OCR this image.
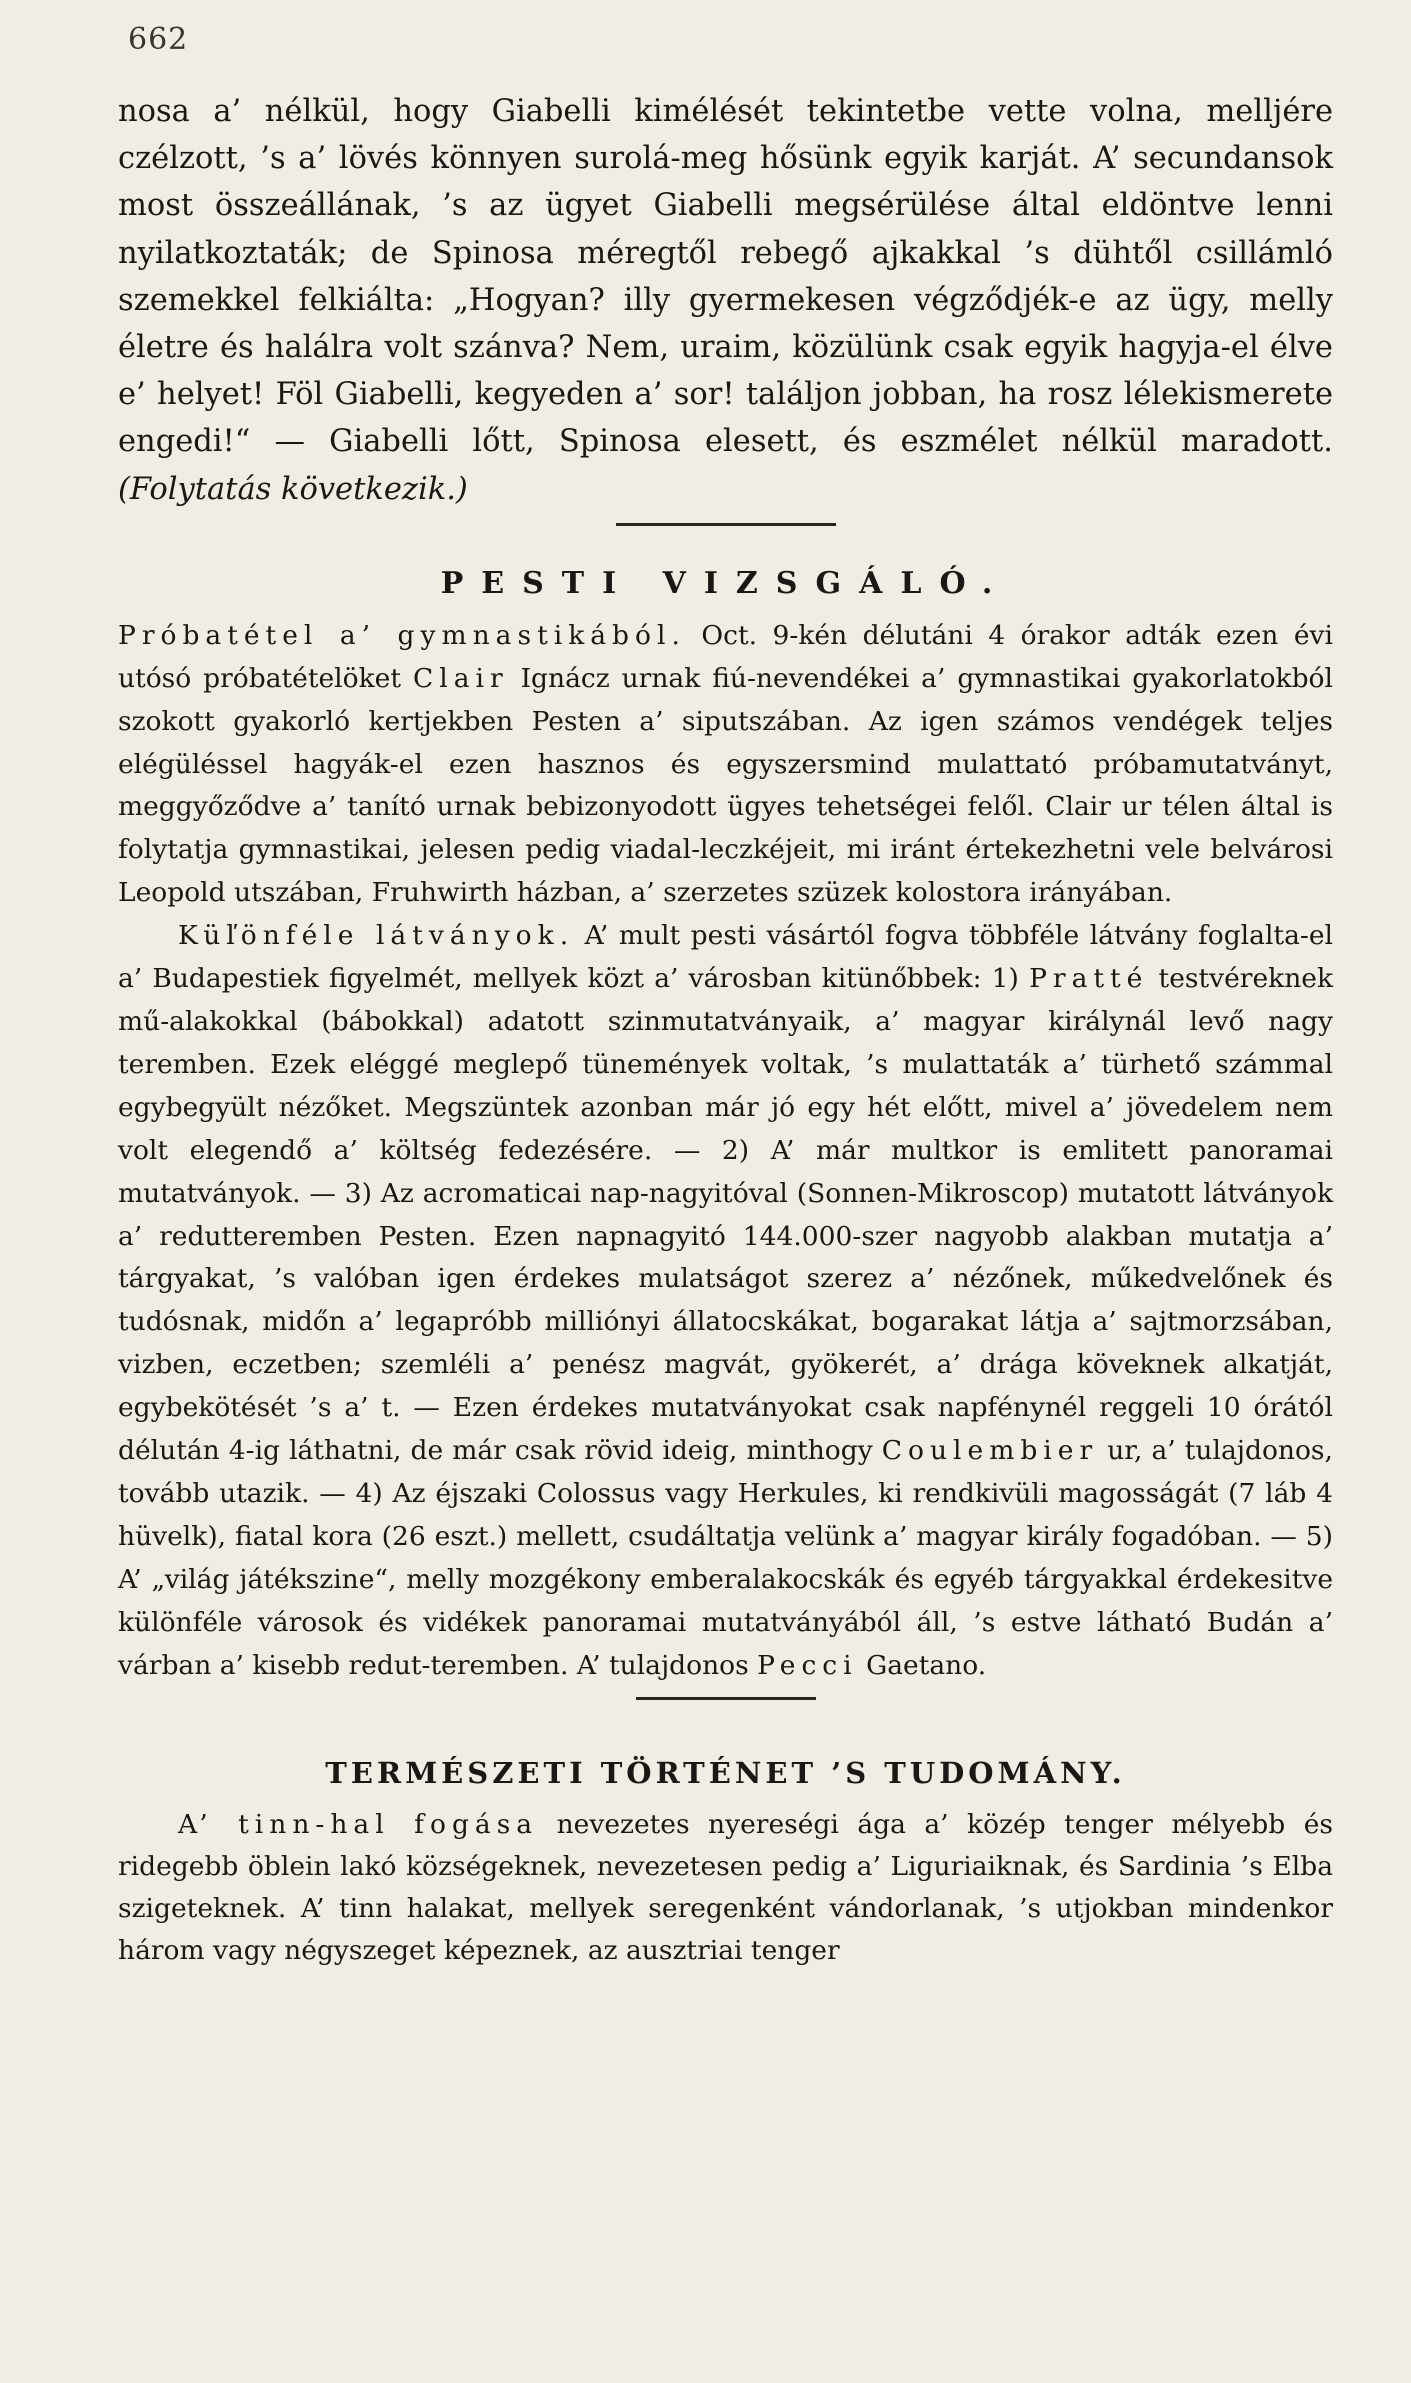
662

nosa a’ nélkül, hogy Giabelli kimélését tekintetbe vette volna, melljére czélzott, ’s a’ lövés könnyen surolá-meg hősünk egyik karját. A’ secundansok most összeállának, ’s az ügyet Giabelli megsérülése által eldöntve lenni nyilatkoztaták; de Spinosa méregtől rebegő ajkakkal ’s dühtől csillámló szemekkel felkiálta: „Hogyan? illy gyermekesen végződjék-e az ügy, melly életre és halálra volt szánva? Nem, uraim, közülünk csak egyik hagyja-el élve e’ helyet! Föl Giabelli, kegyeden a’ sor! találjon jobban, ha rosz lélekismerete engedi!“ — Giabelli lőtt, Spinosa elesett, és eszmélet nélkül maradott. (Folytatás következik.)

PESTI VIZSGÁLÓ.

Próbatétel a’ gymnastikából. Oct. 9-kén délutáni 4 órakor adták ezen évi utósó próbatételöket Clair Ignácz urnak fiú-nevendékei a’ gymnastikai gyakorlatokból szokott gyakorló kertjekben Pesten a’ siputszában. Az igen számos vendégek teljes elégüléssel hagyák-el ezen hasznos és egyszersmind mulattató próbamutatványt, meggyőződve a’ tanító urnak bebizonyodott ügyes tehetségei felől. Clair ur télen által is folytatja gymnastikai, jelesen pedig viadal-leczkéjeit, mi iránt értekezhetni vele belvárosi Leopold utszában, Fruhwirth házban, a’ szerzetes szüzek kolostora irányában.

Küľönféle látványok. A’ mult pesti vásártól fogva többféle látvány foglalta-el a’ Budapestiek figyelmét, mellyek közt a’ városban kitünőbbek: 1) Pratté testvéreknek mű-alakokkal (bábokkal) adatott szinmutatványaik, a’ magyar királynál levő nagy teremben. Ezek eléggé meglepő tünemények voltak, ’s mulattaták a’ türhető számmal egybegyült nézőket. Megszüntek azonban már jó egy hét előtt, mivel a’ jövedelem nem volt elegendő a’ költség fedezésére. — 2) A’ már multkor is emlitett panoramai mutatványok. — 3) Az acromaticai nap-nagyitóval (Sonnen-Mikroscop) mutatott látványok a’ redutteremben Pesten. Ezen napnagyitó 144.000-szer nagyobb alakban mutatja a’ tárgyakat, ’s valóban igen érdekes mulatságot szerez a’ nézőnek, műkedvelőnek és tudósnak, midőn a’ legapróbb milliónyi állatocskákat, bogarakat látja a’ sajtmorzsában, vizben, eczetben; szemléli a’ penész magvát, gyökerét, a’ drága köveknek alkatját, egybekötését ’s a’ t. — Ezen érdekes mutatványokat csak napfénynél reggeli 10 órától délután 4-ig láthatni, de már csak rövid ideig, minthogy Coulembier ur, a’ tulajdonos, tovább utazik. — 4) Az éjszaki Colossus vagy Herkules, ki rendkivüli magosságát (7 láb 4 hüvelk), fiatal kora (26 eszt.) mellett, csudáltatja velünk a’ magyar király fogadóban. — 5) A’ „világ játékszine“, melly mozgékony emberalakocskák és egyéb tárgyakkal érdekesitve különféle városok és vidékek panoramai mutatványából áll, ’s estve látható Budán a’ várban a’ kisebb redut-teremben. A’ tulajdonos Pecci Gaetano.

TERMÉSZETI TÖRTÉNET ’S TUDOMÁNY.

A’ tinn-hal fogása nevezetes nyereségi ága a’ közép tenger mélyebb és ridegebb öblein lakó községeknek, nevezetesen pedig a’ Liguriaiknak, és Sardinia ’s Elba szigeteknek. A’ tinn halakat, mellyek seregenként vándorlanak, ’s utjokban mindenkor három vagy négyszeget képeznek, az ausztriai tenger
